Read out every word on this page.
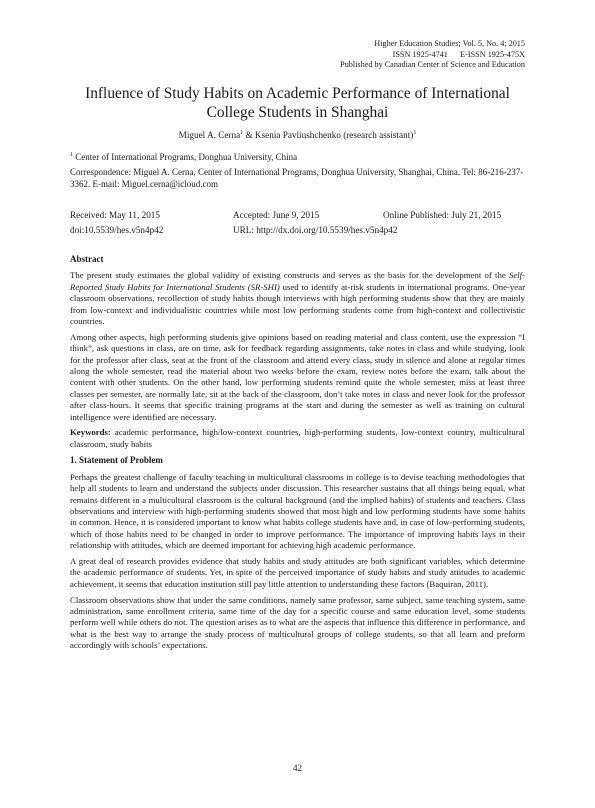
Higher Education Studies; Vol. 5, No. 4; 2015
ISSN 1925-4741      E-ISSN 1925-475X
Published by Canadian Center of Science and Education
Influence of Study Habits on Academic Performance of International College Students in Shanghai
Miguel A. Cerna$^1$ & Ksenia Pavliushchenko (research assistant)$^1$
$^1$ Center of International Programs, Donghua University, China
Correspondence: Miguel A. Cerna, Center of International Programs, Donghua University, Shanghai, China. Tel: 86-216-237-3362. E-mail: Miguel.cerna@icloud.com
Received: May 11, 2015	Accepted: June 9, 2015	Online Published: July 21, 2015
doi:10.5539/hes.v5n4p42	URL: http://dx.doi.org/10.5539/hes.v5n4p42
Abstract

The present study estimates the global validity of existing constructs and serves as the basis for the development of the Self-Reported Study Habits for International Students (SR-SHI) used to identify at-risk students in international programs. One-year classroom observations, recollection of study habits though interviews with high performing students show that they are mainly from low-context and individualistic countries while most low performing students come from high-context and collectivistic countries.

Among other aspects, high performing students give opinions based on reading material and class content, use the expression “I think”, ask questions in class, are on time, ask for feedback regarding assignments, take notes in class and while studying, look for the professor after class, seat at the front of the classroom and attend every class, study in silence and alone at regular times along the whole semester, read the material about two weeks before the exam, review notes before the exam, talk about the content with other students. On the other hand, low performing students remind quite the whole semester, miss at least three classes per semester, are normally late, sit at the back of the classroom, don’t take notes in class and never look for the professor after class-hours. It seems that specific training programs at the start and during the semester as well as training on cultural intelligence were identified are necessary.

Keywords: academic performance, high/low-context countries, high-performing students, low-context country, multicultural classroom, study habits
1. Statement of Problem

Perhaps the greatest challenge of faculty teaching in multicultural classrooms in college is to devise teaching methodologies that help all students to learn and understand the subjects under discussion. This researcher sustains that all things being equal, what remains different in a multicultural classroom is the cultural background (and the implied habits) of students and teachers. Class observations and interview with high-performing students showed that most high and low performing students have some habits in common. Hence, it is considered important to know what habits college students have and, in case of low-performing students, which of those habits need to be changed in order to improve performance. The importance of improving habits lays in their relationship with attitudes, which are deemed important for achieving high academic performance.

A great deal of research provides evidence that study habits and study attitudes are both significant variables, which determine the academic performance of students. Yet, in spite of the perceived importance of study habits and study attitudes to academic achievement, it seems that education institution still pay little attention to understanding these factors (Baquiran, 2011).

Classroom observations show that under the same conditions, namely same professor, same subject, same teaching system, same administration, same enrollment criteria, same time of the day for a specific course and same education level, some students perform well while others do not. The question arises as to what are the aspects that influence this difference in performance, and what is the best way to arrange the study process of multicultural groups of college students, so that all learn and preform accordingly with schools’ expectations.

42
